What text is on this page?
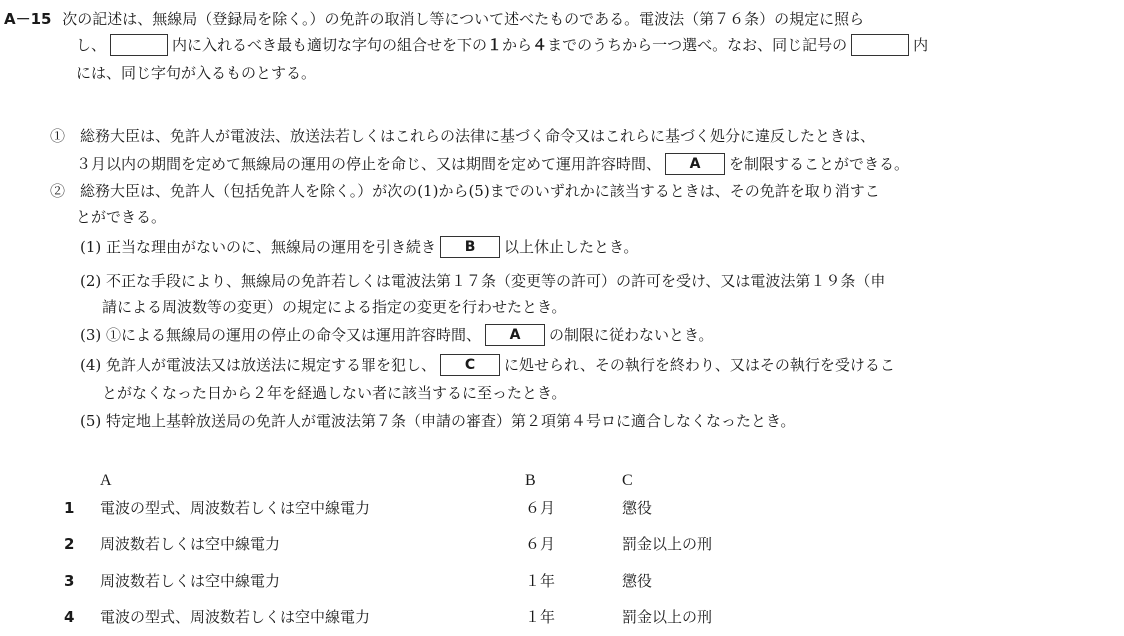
A－15 次の記述は、無線局（登録局を除く。）の免許の取消し等について述べたものである。電波法（第７６条）の規定に照ら
し、	内に入れるべき最も適切な字句の組合せを下の１から４までのうちから一つ選べ。なお、同じ記号の	内
には、同じ字句が入るものとする。
①　総務大臣は、免許人が電波法、放送法若しくはこれらの法律に基づく命令又はこれらに基づく処分に違反したときは、
３月以内の期間を定めて無線局の運用の停止を命じ、又は期間を定めて運用許容時間、 A を制限することができる。
②　総務大臣は、免許人（包括免許人を除く。）が次の(1)から(5)までのいずれかに該当するときは、その免許を取り消すこ
とができる。
(1) 正当な理由がないのに、無線局の運用を引き続き B 以上休止したとき。
(2) 不正な手段により、無線局の免許若しくは電波法第１７条（変更等の許可）の許可を受け、又は電波法第１９条（申
請による周波数等の変更）の規定による指定の変更を行わせたとき。
(3) ①による無線局の運用の停止の命令又は運用許容時間、 A の制限に従わないとき。
(4) 免許人が電波法又は放送法に規定する罪を犯し、 C に処せられ、その執行を終わり、又はその執行を受けるこ
とがなくなった日から２年を経過しない者に該当するに至ったとき。
(5) 特定地上基幹放送局の免許人が電波法第７条（申請の審査）第２項第４号ロに適合しなくなったとき。
A	B	C
1 電波の型式、周波数若しくは空中線電力	６月	懲役
2 周波数若しくは空中線電力	６月	罰金以上の刑
3 周波数若しくは空中線電力	１年	懲役
4 電波の型式、周波数若しくは空中線電力	１年	罰金以上の刑
